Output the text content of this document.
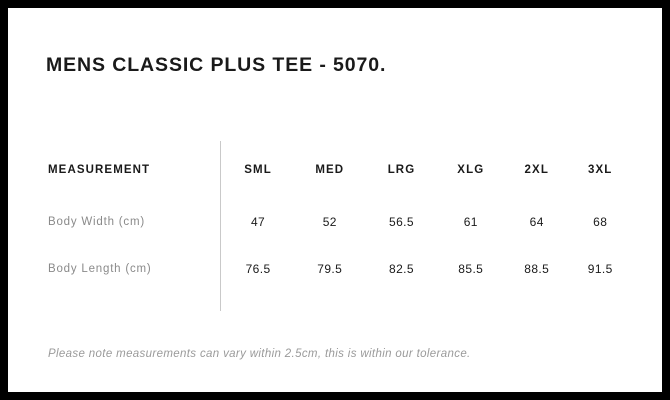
MENS CLASSIC PLUS TEE - 5070.
MEASUREMENT	SML	MED	LRG	XLG	2XL	3XL
Body Width (cm)	47	52	56.5	61	64	68
Body Length (cm)	76.5	79.5	82.5	85.5	88.5	91.5
Please note measurements can vary within 2.5cm, this is within our tolerance.
